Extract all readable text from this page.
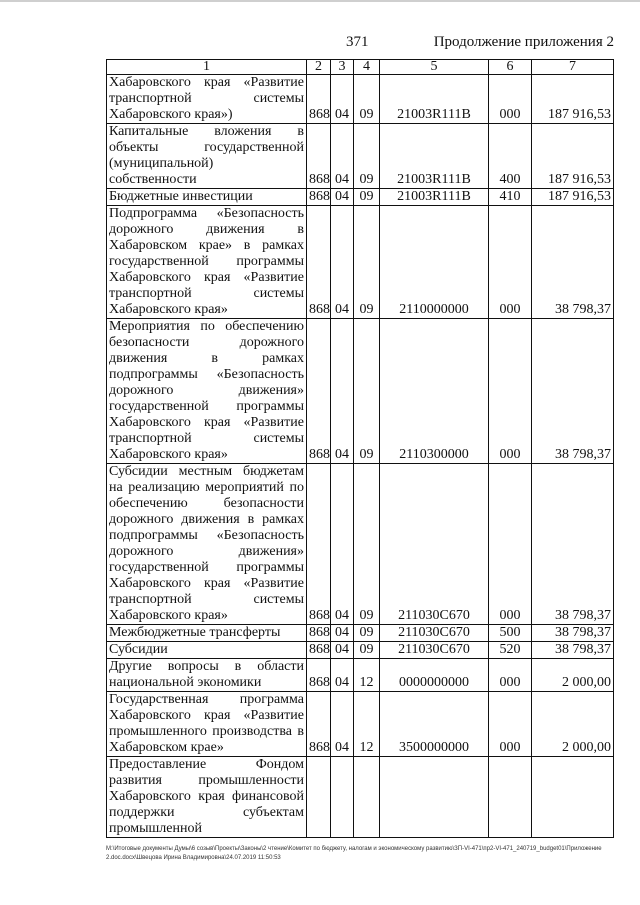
371	Продолжение приложения 2
1	2	3	4	5	6	7
Хабаровского края «Развитие транспортной системы Хабаровского края»)	868	04	09	21003R111B	000	187 916,53
Капитальные вложения в объекты государственной (муниципальной) собственности	868	04	09	21003R111B	400	187 916,53
Бюджетные инвестиции	868	04	09	21003R111B	410	187 916,53
Подпрограмма «Безопасность дорожного движения в Хабаровском крае» в рамках государственной программы Хабаровского края «Развитие транспортной системы Хабаровского края»	868	04	09	2110000000	000	38 798,37
Мероприятия по обеспечению безопасности дорожного движения в рамках подпрограммы «Безопасность дорожного движения» государственной программы Хабаровского края «Развитие транспортной системы Хабаровского края»	868	04	09	2110300000	000	38 798,37
Субсидии местным бюджетам на реализацию мероприятий по обеспечению безопасности дорожного движения в рамках подпрограммы «Безопасность дорожного движения» государственной программы Хабаровского края «Развитие транспортной системы Хабаровского края»	868	04	09	211030C670	000	38 798,37
Межбюджетные трансферты	868	04	09	211030C670	500	38 798,37
Субсидии	868	04	09	211030C670	520	38 798,37
Другие вопросы в области национальной экономики	868	04	12	0000000000	000	2 000,00
Государственная программа Хабаровского края «Развитие промышленного производства в Хабаровском крае»	868	04	12	3500000000	000	2 000,00
Предоставление Фондом развития промышленности Хабаровского края финансовой поддержки субъектам промышленной						
M:\Итоговые документы Думы\6 созыв\Проекты\Законы\2 чтение\Комитет по бюджету, налогам и экономическому развитию\ЗП-VI-471\пр2-VI-471_240719_budget01\Приложение 2.doc.docx\Швецова Ирина Владимировна\24.07.2019 11:50:53
